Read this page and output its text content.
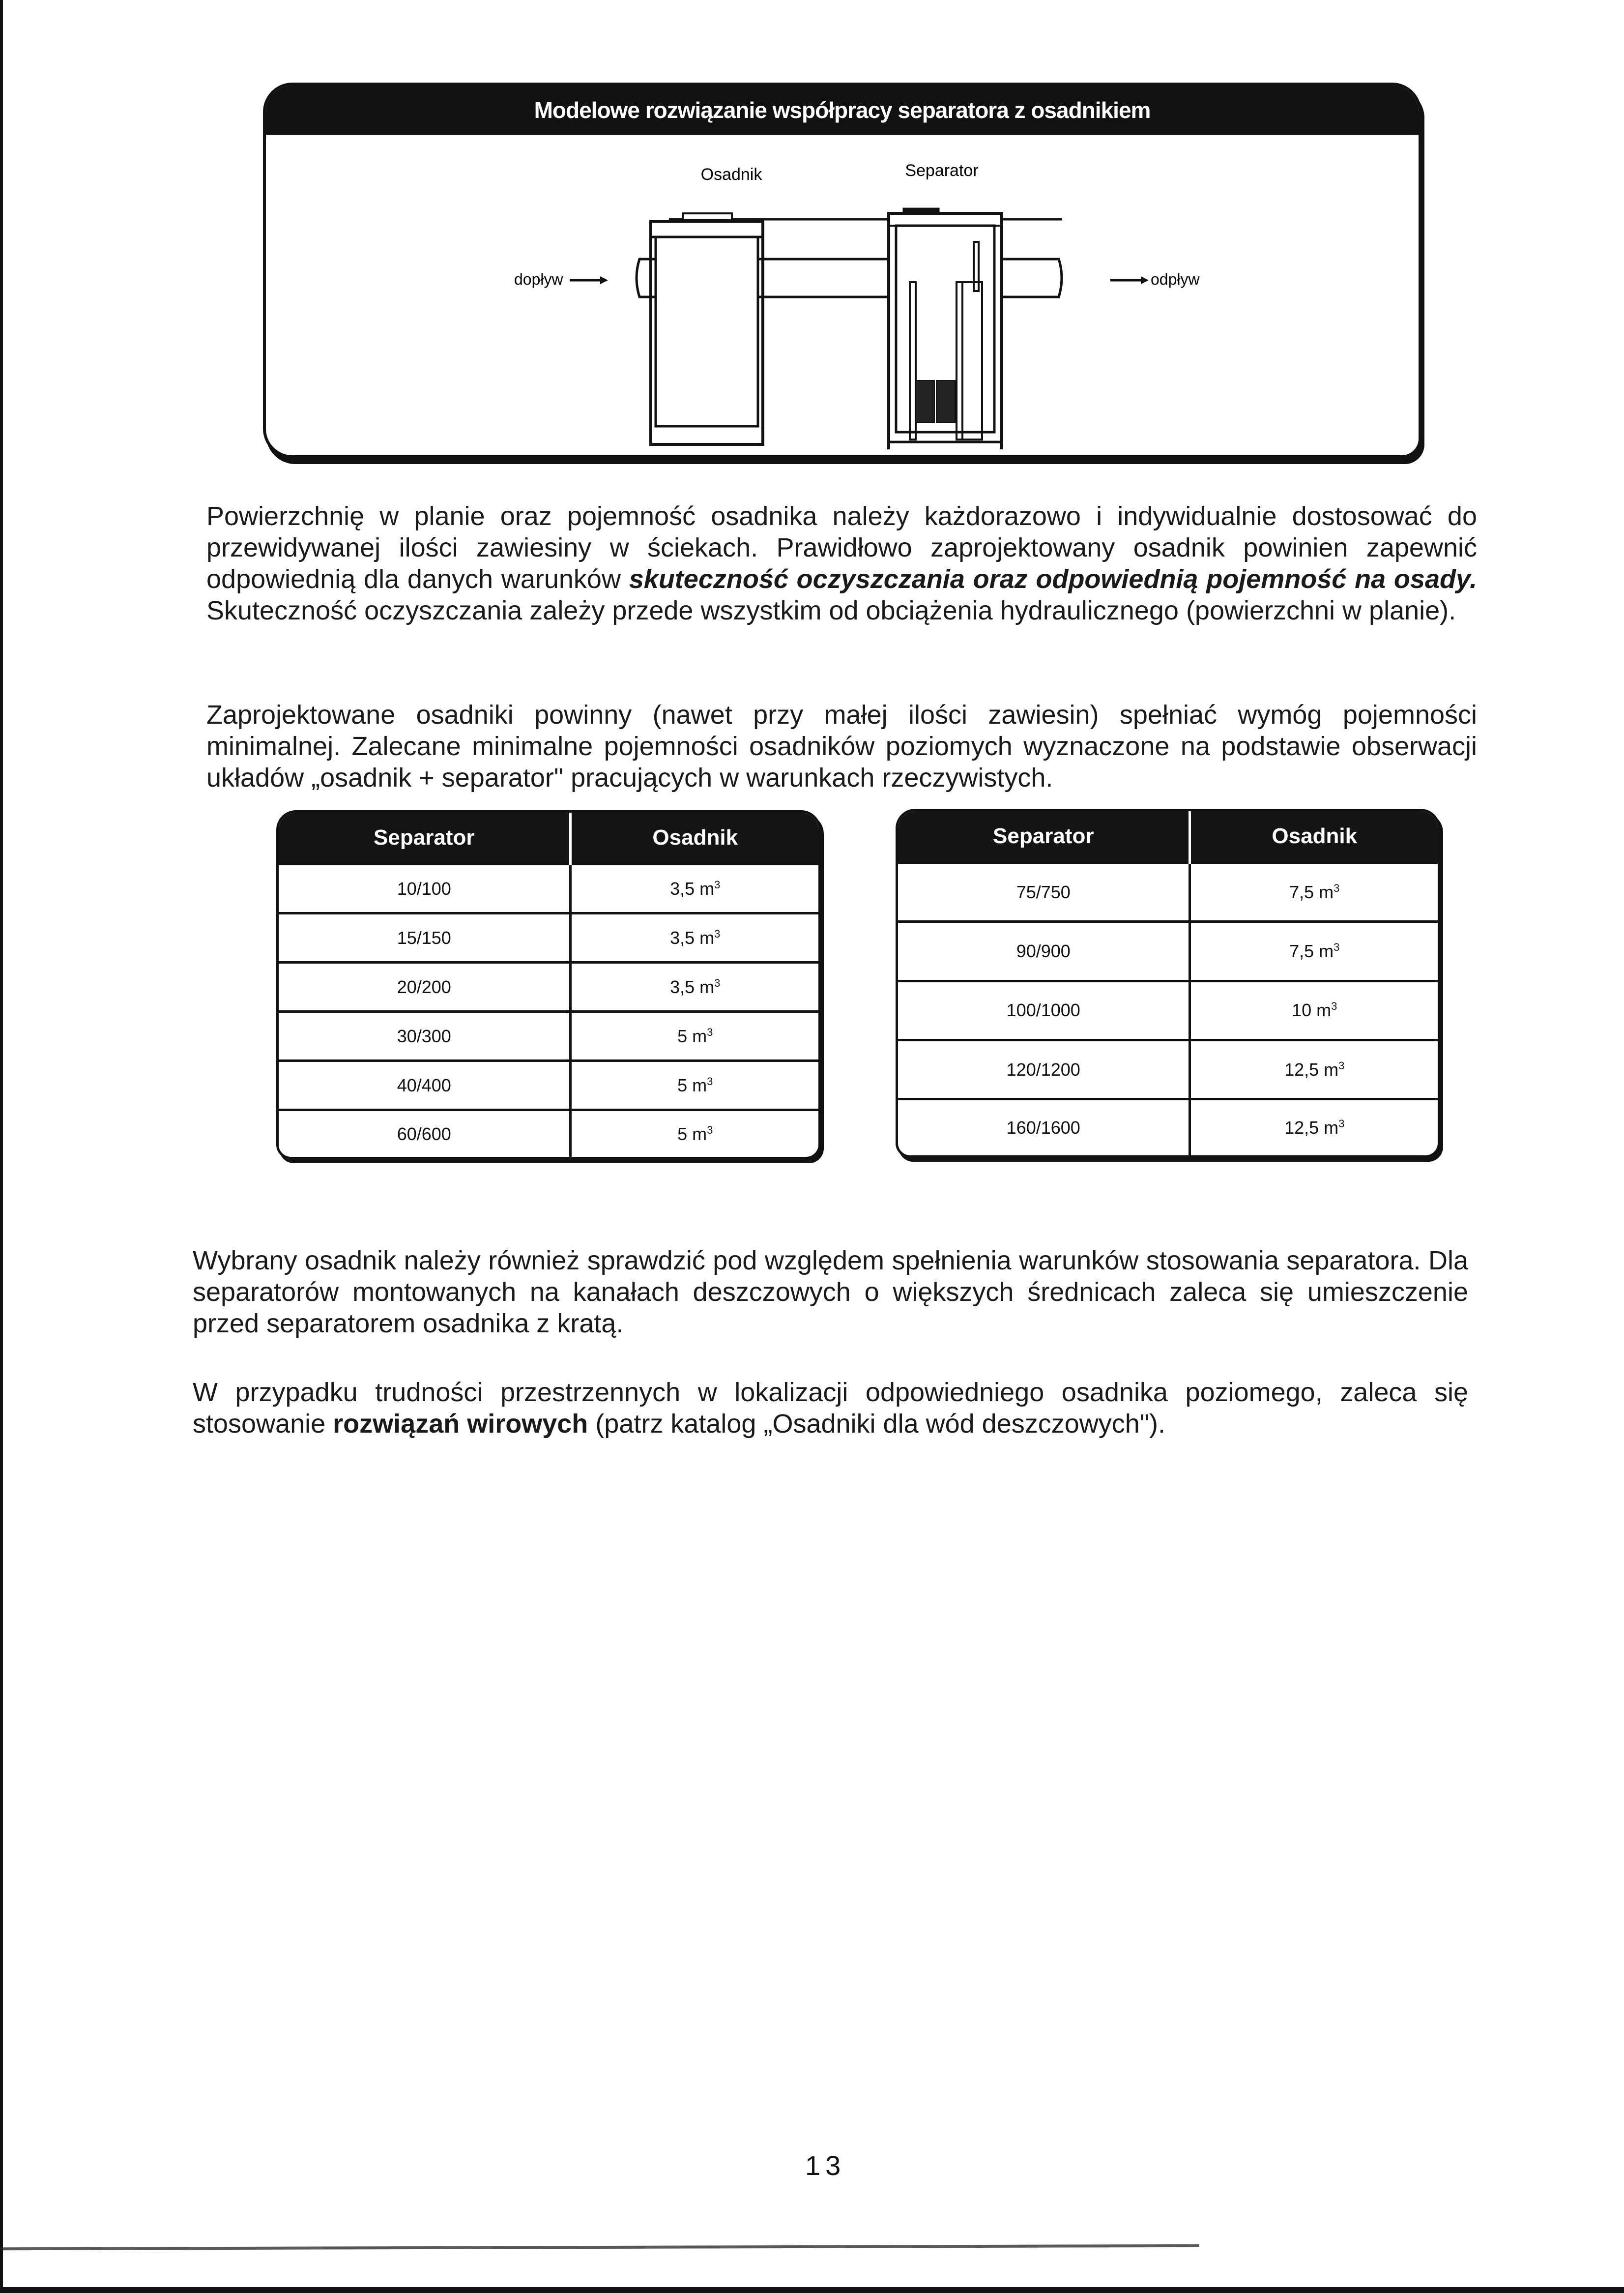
Modelowe rozwiązanie współpracy separatora z osadnikiem
Osadnik	Separator
dopływ	odpływ

Powierzchnię w planie oraz pojemność osadnika należy każdorazowo i indywidualnie dostosować do przewidywanej ilości zawiesiny w ściekach. Prawidłowo zaprojektowany osadnik powinien zapewnić odpowiednią dla danych warunków skuteczność oczyszczania oraz odpowiednią pojemność na osady. Skuteczność oczyszczania zależy przede wszystkim od obciążenia hydraulicznego (powierzchni w planie).

Zaprojektowane osadniki powinny (nawet przy małej ilości zawiesin) spełniać wymóg pojemności minimalnej. Zalecane minimalne pojemności osadników poziomych wyznaczone na podstawie obserwacji układów „osadnik + separator" pracujących w warunkach rzeczywistych.

Separator	Osadnik
10/100	3,5 $m^3$
15/150	3,5 $m^3$
20/200	3,5 $m^3$
30/300	5 $m^3$
40/400	5 $m^3$
60/600	5 $m^3$
Separator	Osadnik
75/750	7,5 $m^3$
90/900	7,5 $m^3$
100/1000	10 $m^3$
120/1200	12,5 $m^3$
160/1600	12,5 $m^3$

Wybrany osadnik należy również sprawdzić pod względem spełnienia warunków stosowania separatora. Dla separatorów montowanych na kanałach deszczowych o większych średnicach zaleca się umieszczenie przed separatorem osadnika z kratą.

W przypadku trudności przestrzennych w lokalizacji odpowiedniego osadnika poziomego, zaleca się stosowanie rozwiązań wirowych (patrz katalog „Osadniki dla wód deszczowych").

13
